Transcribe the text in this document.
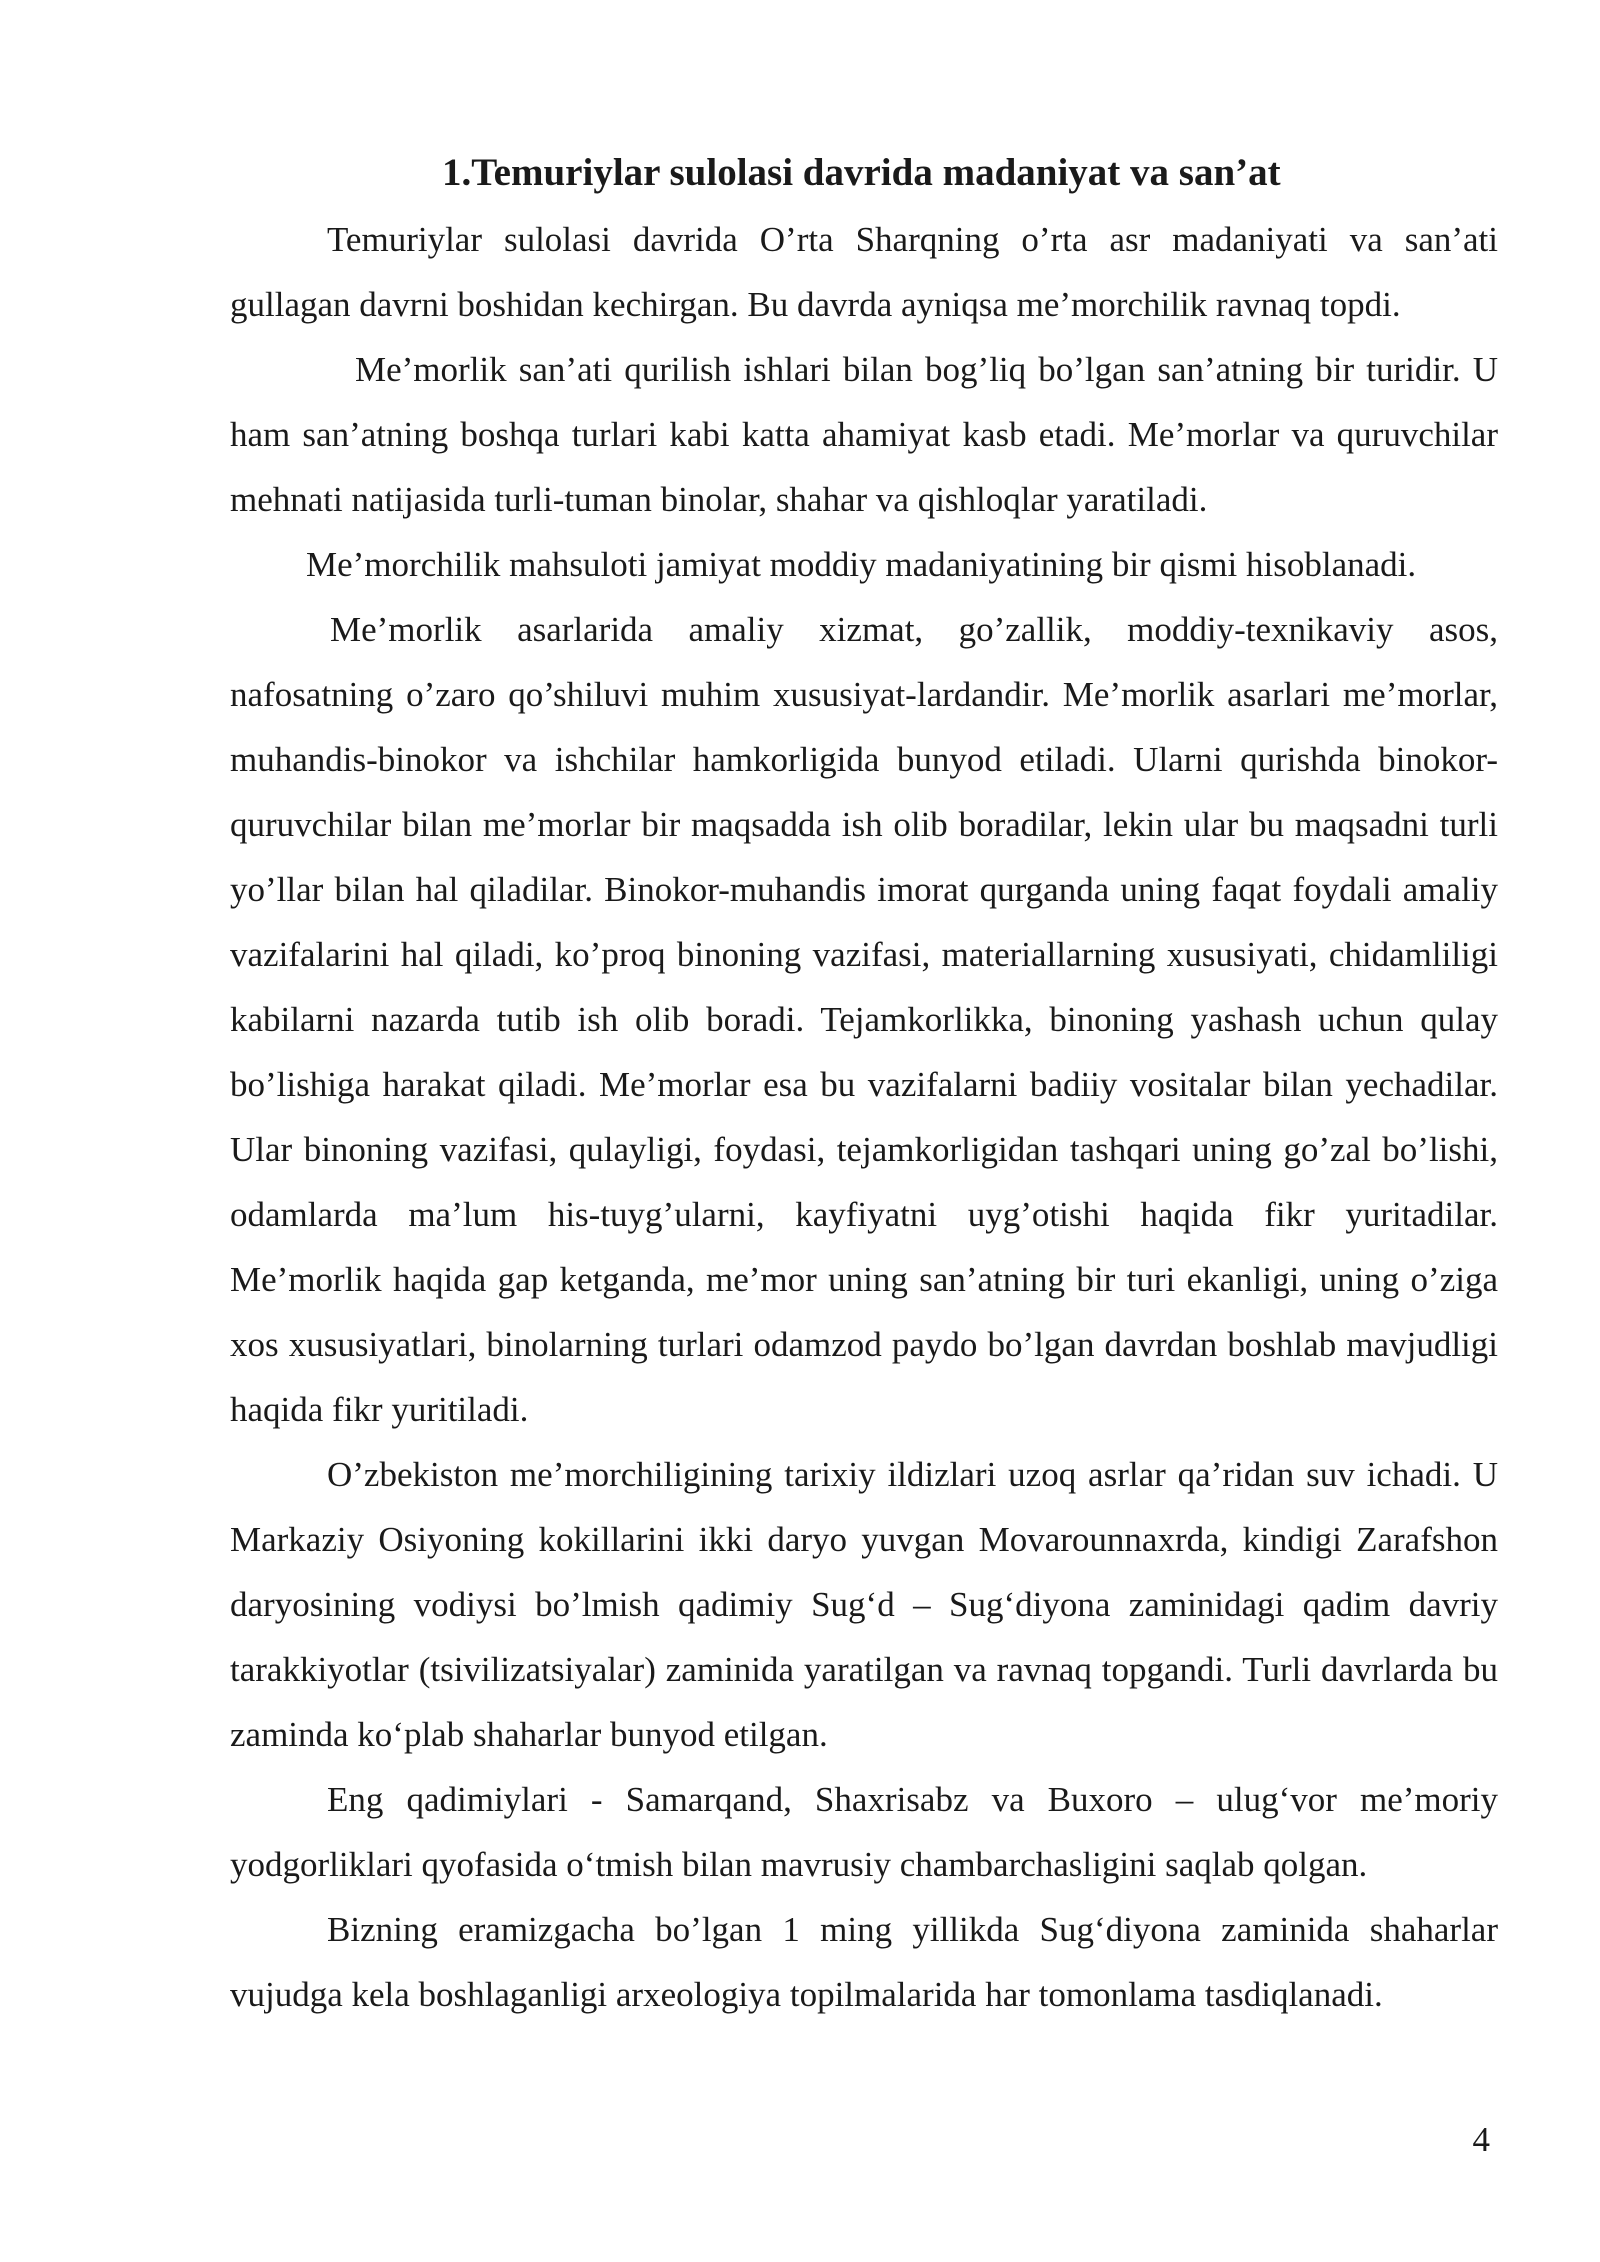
1.Temuriylar sulolasi davrida madaniyat va san’at

Temuriylar sulolasi davrida O’rta Sharqning o’rta asr madaniyati va san’ati gullagan davrni boshidan kechirgan. Bu davrda ayniqsa me’morchilik ravnaq topdi.

Me’morlik san’ati qurilish ishlari bilan bog’liq bo’lgan san’atning bir turidir. U ham san’atning boshqa turlari kabi katta ahamiyat kasb etadi. Me’morlar va quruvchilar mehnati natijasida turli-tuman binolar, shahar va qishloqlar yaratiladi.

Me’morchilik mahsuloti jamiyat moddiy madaniyatining bir qismi hisoblanadi.

Me’morlik asarlarida amaliy xizmat, go’zallik, moddiy-texnikaviy asos, nafosatning o’zaro qo’shiluvi muhim xususiyat-lardandir. Me’morlik asarlari me’morlar, muhandis-binokor va ishchilar hamkorligida bunyod etiladi. Ularni qurishda binokor-quruvchilar bilan me’morlar bir maqsadda ish olib boradilar, lekin ular bu maqsadni turli yo’llar bilan hal qiladilar. Binokor-muhandis imorat qurganda uning faqat foydali amaliy vazifalarini hal qiladi, ko’proq binoning vazifasi, materiallarning xususiyati, chidamliligi kabilarni nazarda tutib ish olib boradi. Tejamkorlikka, binoning yashash uchun qulay bo’lishiga harakat qiladi. Me’morlar esa bu vazifalarni badiiy vositalar bilan yechadilar. Ular binoning vazifasi, qulayligi, foydasi, tejamkorligidan tashqari uning go’zal bo’lishi, odamlarda ma’lum his-tuyg’ularni, kayfiyatni uyg’otishi haqida fikr yuritadilar. Me’morlik haqida gap ketganda, me’mor uning san’atning bir turi ekanligi, uning o’ziga xos xususiyatlari, binolarning turlari odamzod paydo bo’lgan davrdan boshlab mavjudligi haqida fikr yuritiladi.

O’zbekiston me’morchiligining tarixiy ildizlari uzoq asrlar qa’ridan suv ichadi. U Markaziy Osiyoning kokillarini ikki daryo yuvgan Movarounnaxrda, kindigi Zarafshon daryosining vodiysi bo’lmish qadimiy Sug‘d – Sug‘diyona zaminidagi qadim davriy tarakkiyotlar (tsivilizatsiyalar) zaminida yaratilgan va ravnaq topgandi. Turli davrlarda bu zaminda ko‘plab shaharlar bunyod etilgan.

Eng qadimiylari - Samarqand, Shaxrisabz va Buxoro – ulug‘vor me’moriy yodgorliklari qyofasida o‘tmish bilan mavrusiy chambarchasligini saqlab qolgan.

Bizning eramizgacha bo’lgan 1 ming yillikda Sug‘diyona zaminida shaharlar vujudga kela boshlaganligi arxeologiya topilmalarida har tomonlama tasdiqlanadi.

4
